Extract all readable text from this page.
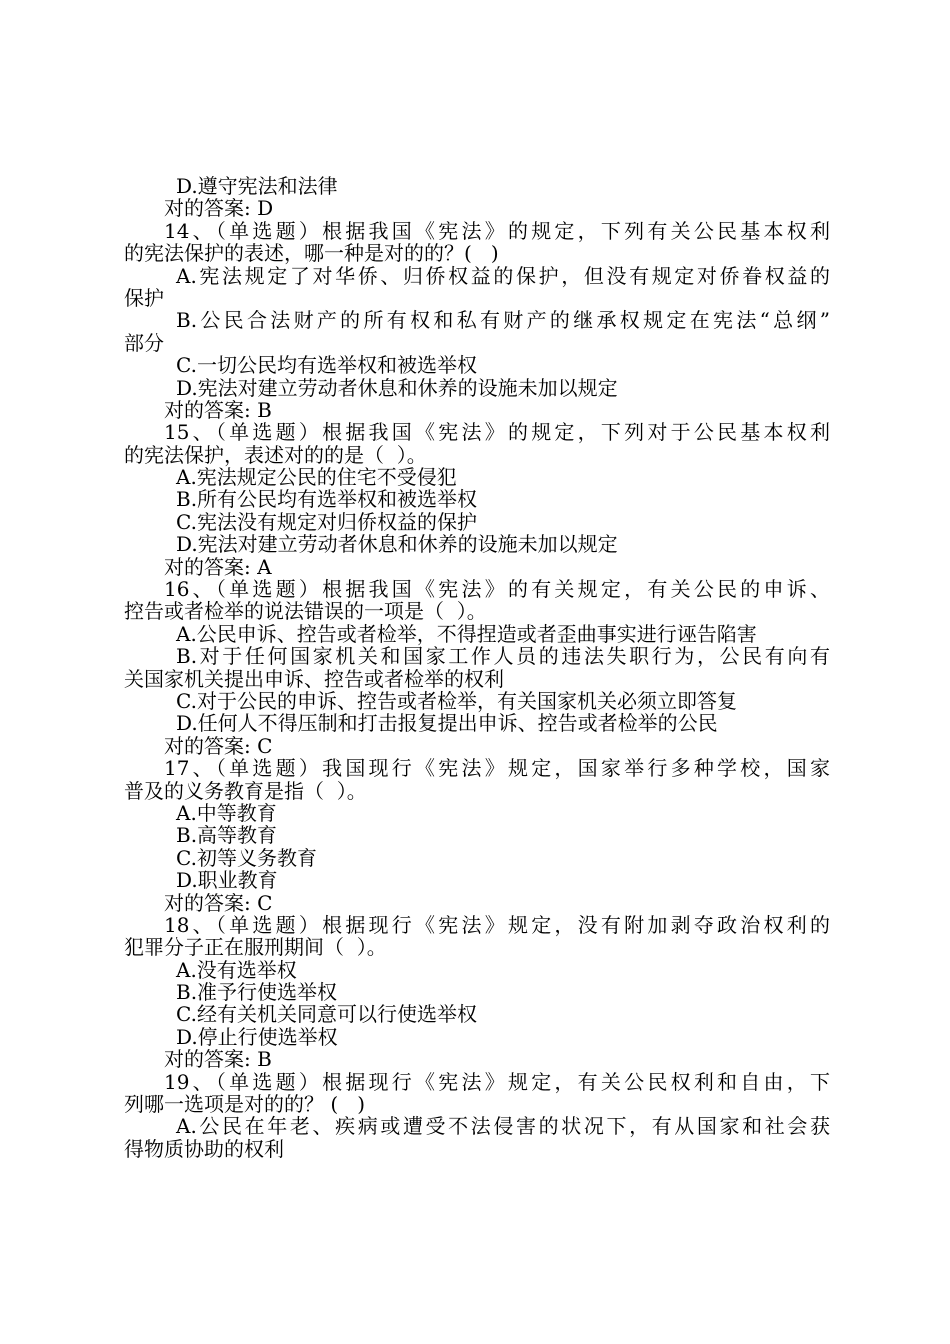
D.遵守宪法和法律
对的答案: D
14、（单选题）根据我国《宪法》的规定，下列有关公民基本权利
的宪法保护的表述，哪一种是对的的？(   )
A.宪法规定了对华侨、归侨权益的保护，但没有规定对侨眷权益的
保护
B.公民合法财产的所有权和私有财产的继承权规定在宪法“总纲”
部分
C.一切公民均有选举权和被选举权
D.宪法对建立劳动者休息和休养的设施未加以规定
对的答案: B
15、（单选题）根据我国《宪法》的规定，下列对于公民基本权利
的宪法保护，表述对的的是（  ）。
A.宪法规定公民的住宅不受侵犯
B.所有公民均有选举权和被选举权
C.宪法没有规定对归侨权益的保护
D.宪法对建立劳动者休息和休养的设施未加以规定
对的答案: A
16、（单选题）根据我国《宪法》的有关规定，有关公民的申诉、
控告或者检举的说法错误的一项是（  ）。
A.公民申诉、控告或者检举，不得捏造或者歪曲事实进行诬告陷害
B.对于任何国家机关和国家工作人员的违法失职行为，公民有向有
关国家机关提出申诉、控告或者检举的权利
C.对于公民的申诉、控告或者检举，有关国家机关必须立即答复
D.任何人不得压制和打击报复提出申诉、控告或者检举的公民
对的答案: C
17、（单选题）我国现行《宪法》规定，国家举行多种学校，国家
普及的义务教育是指（  ）。
A.中等教育
B.高等教育
C.初等义务教育
D.职业教育
对的答案: C
18、（单选题）根据现行《宪法》规定，没有附加剥夺政治权利的
犯罪分子正在服刑期间（  ）。
A.没有选举权
B.准予行使选举权
C.经有关机关同意可以行使选举权
D.停止行使选举权
对的答案: B
19、（单选题）根据现行《宪法》规定，有关公民权利和自由，下
列哪一选项是对的的？ (   )
A.公民在年老、疾病或遭受不法侵害的状况下，有从国家和社会获
得物质协助的权利
